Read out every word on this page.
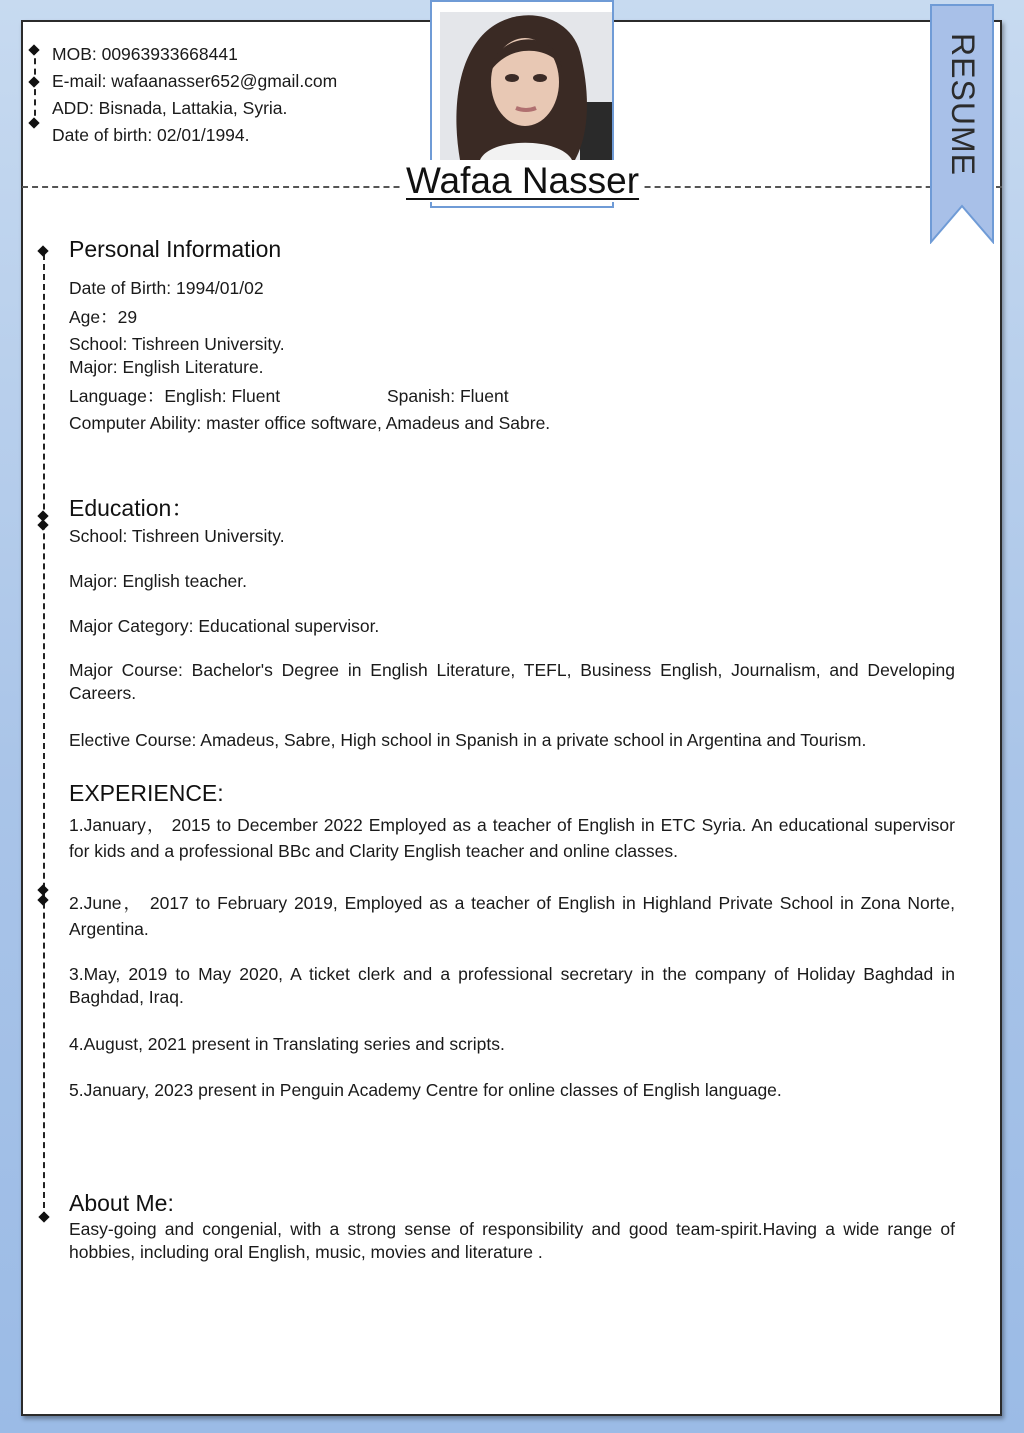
MOB: 00963933668441
E-mail: wafaanasser652@gmail.com
ADD: Bisnada, Lattakia, Syria.
Date of birth: 02/01/1994.
Wafaa Nasser
RESUME
Personal Information
Date of Birth: 1994/01/02
Age：29
School: Tishreen University.
Major: English Literature.
Language：English: Fluent	Spanish: Fluent
Computer Ability: master office software, Amadeus and Sabre.
Education：
School: Tishreen University.
Major: English teacher.
Major Category: Educational supervisor.
Major Course: Bachelor's Degree in English Literature, TEFL, Business English, Journalism, and Developing Careers.
Elective Course: Amadeus, Sabre, High school in Spanish in a private school in Argentina and Tourism.
EXPERIENCE:
1.January， 2015 to December 2022 Employed as a teacher of English in ETC Syria. An educational supervisor for kids and a professional BBc and Clarity English teacher and online classes.
2.June， 2017 to February 2019, Employed as a teacher of English in Highland Private School in Zona Norte, Argentina.
3.May, 2019 to May 2020, A ticket clerk and a professional secretary in the company of Holiday Baghdad in Baghdad, Iraq.
4.August, 2021 present in Translating series and scripts.
5.January, 2023 present in Penguin Academy Centre for online classes of English language.
About Me:
Easy-going and congenial, with a strong sense of responsibility and good team-spirit.Having a wide range of hobbies, including oral English, music, movies and literature .
